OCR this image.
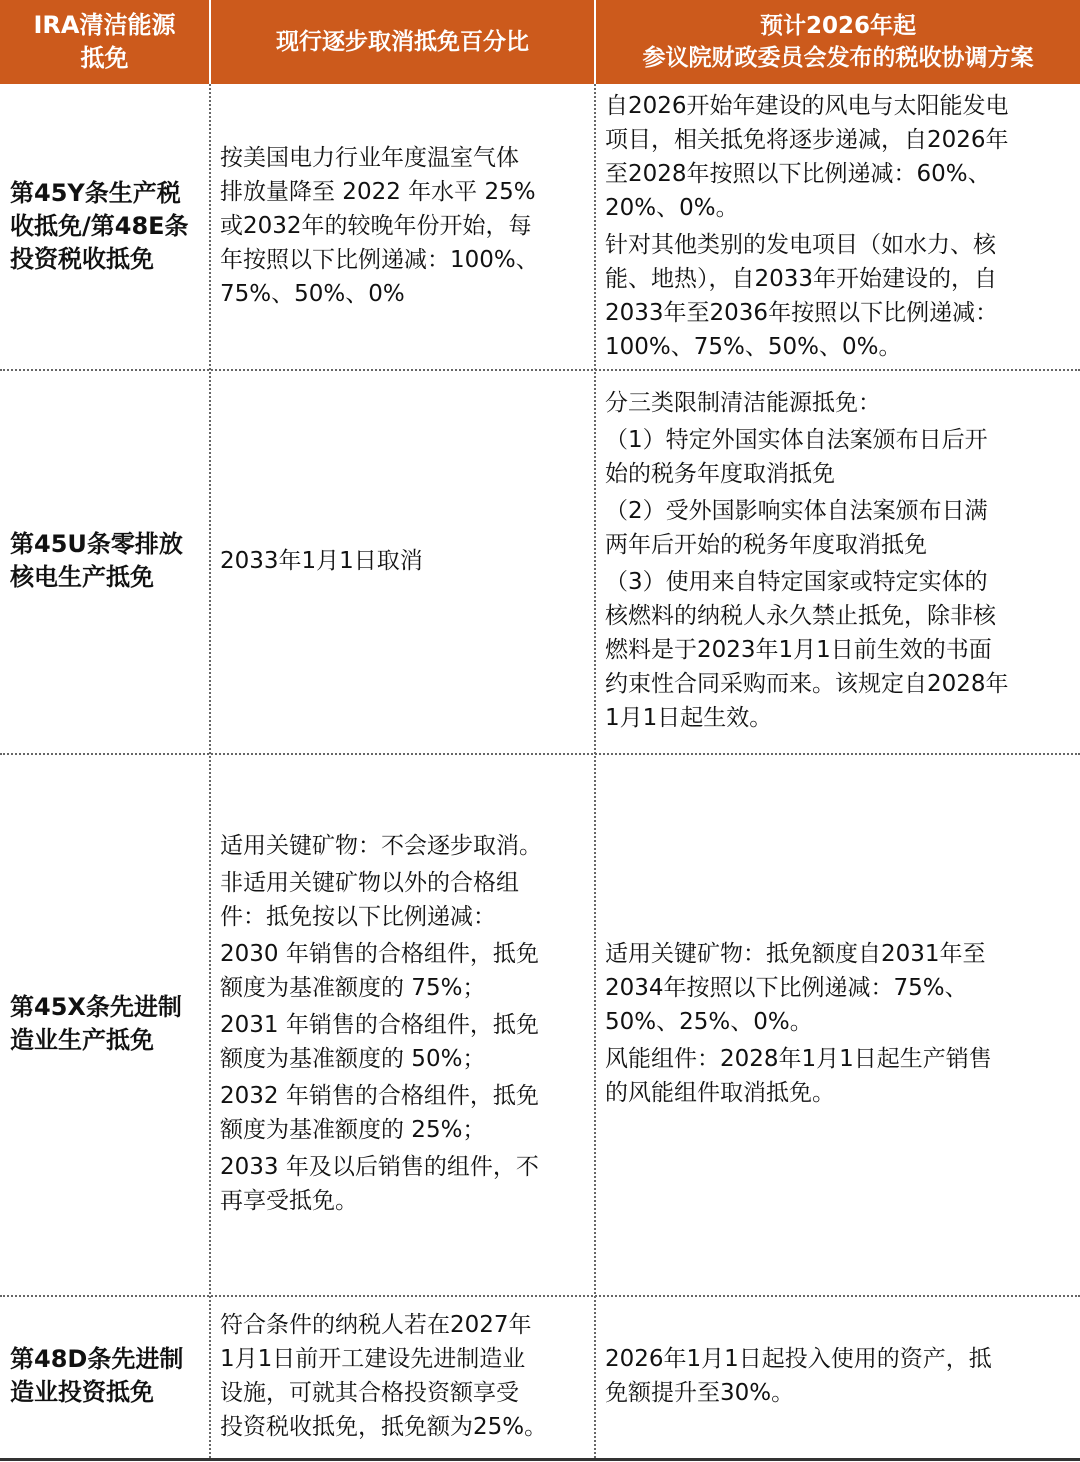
IRA清洁能源
抵免
现行逐步取消抵免百分比
预计2026年起
参议院财政委员会发布的税收协调方案

第45Y条生产税
收抵免/第48E条
投资税收抵免

按美国电力行业年度温室气体
排放量降至 2022 年水平 25%
或2032年的较晚年份开始，每
年按照以下比例递减：100%、
75%、50%、0%

自2026开始年建设的风电与太阳能发电
项目，相关抵免将逐步递减，自2026年
至2028年按照以下比例递减：60%、
20%、0%。

针对其他类别的发电项目（如水力、核
能、地热），自2033年开始建设的，自
2033年至2036年按照以下比例递减：
100%、75%、50%、0%。

第45U条零排放
核电生产抵免

2033年1月1日取消

分三类限制清洁能源抵免：

（1）特定外国实体自法案颁布日后开
始的税务年度取消抵免

（2）受外国影响实体自法案颁布日满
两年后开始的税务年度取消抵免

（3）使用来自特定国家或特定实体的
核燃料的纳税人永久禁止抵免，除非核
燃料是于2023年1月1日前生效的书面
约束性合同采购而来。该规定自2028年
1月1日起生效。

第45X条先进制
造业生产抵免

适用关键矿物：不会逐步取消。

非适用关键矿物以外的合格组
件：抵免按以下比例递减：

2030 年销售的合格组件，抵免
额度为基准额度的 75%；

2031 年销售的合格组件，抵免
额度为基准额度的 50%；

2032 年销售的合格组件，抵免
额度为基准额度的 25%；

2033 年及以后销售的组件，不
再享受抵免。

适用关键矿物：抵免额度自2031年至
2034年按照以下比例递减：75%、
50%、25%、0%。

风能组件：2028年1月1日起生产销售
的风能组件取消抵免。

第48D条先进制
造业投资抵免

符合条件的纳税人若在2027年
1月1日前开工建设先进制造业
设施，可就其合格投资额享受
投资税收抵免，抵免额为25%。

2026年1月1日起投入使用的资产，抵
免额提升至30%。
